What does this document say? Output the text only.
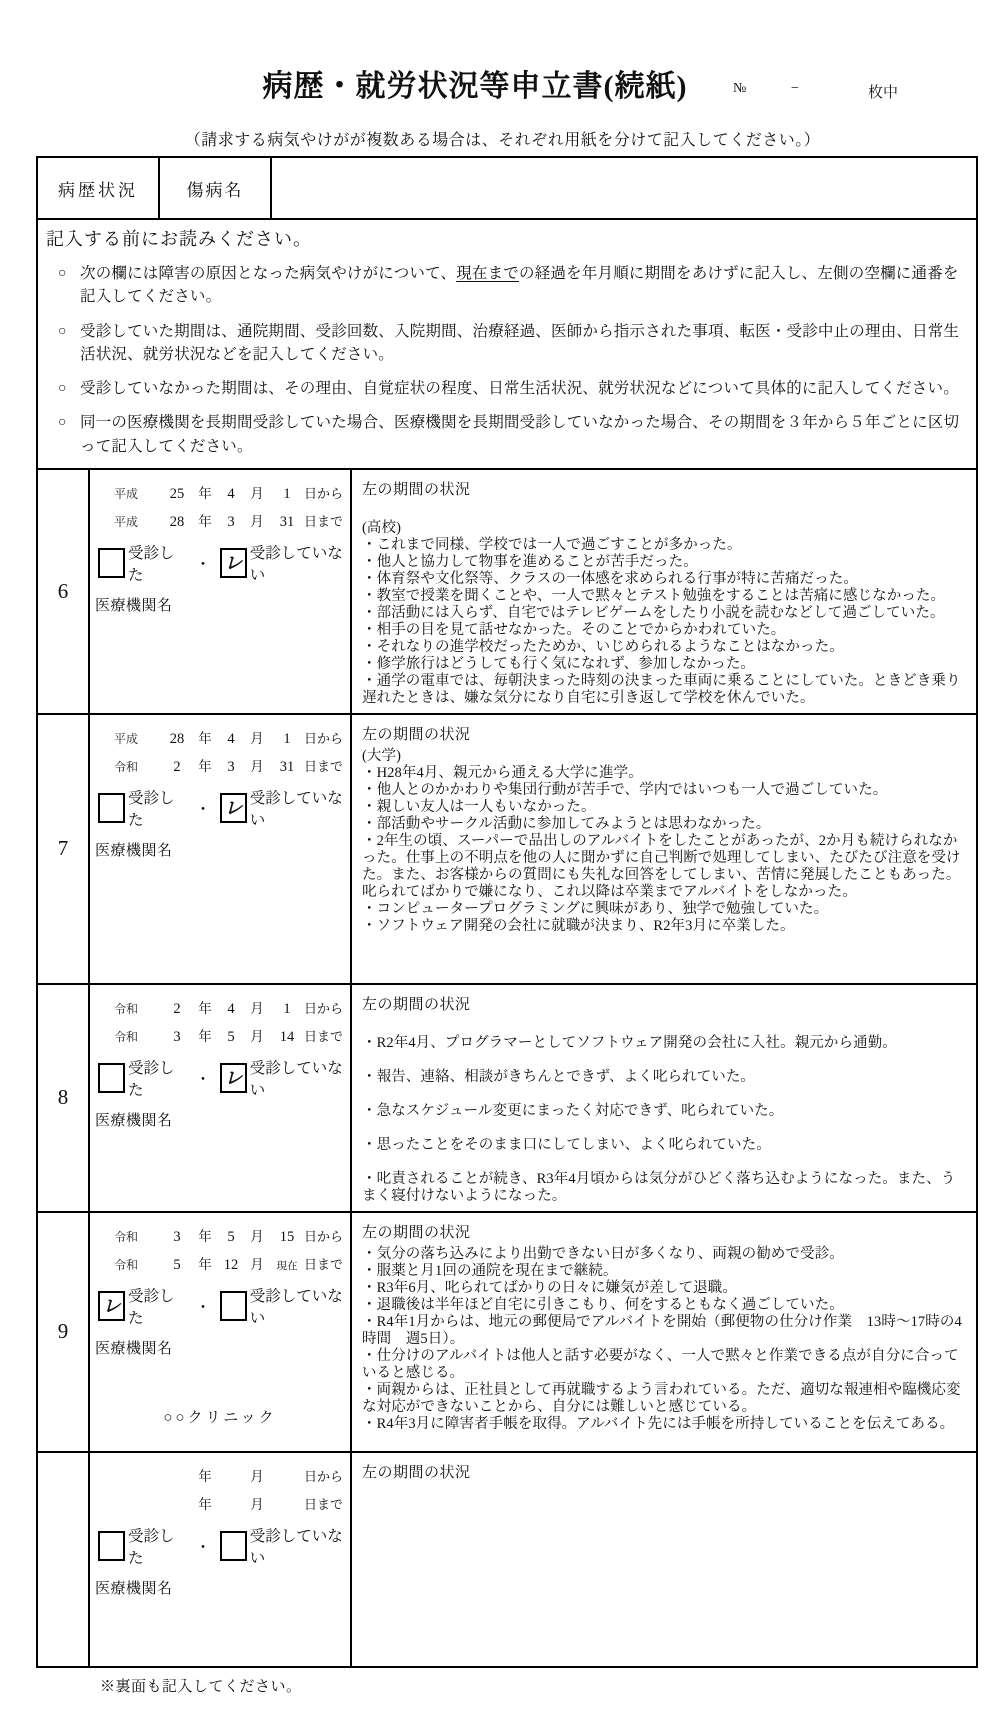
病歴・就労状況等申立書(続紙)	№	−	枚中
（請求する病気やけがが複数ある場合は、それぞれ用紙を分けて記入してください。）
病歴状況	傷病名
記入する前にお読みください。
○ 次の欄には障害の原因となった病気やけがについて、現在までの経過を年月順に期間をあけずに記入し、左側の空欄に通番を記入してください。
○ 受診していた期間は、通院期間、受診回数、入院期間、治療経過、医師から指示された事項、転医・受診中止の理由、日常生活状況、就労状況などを記入してください。
○ 受診していなかった期間は、その理由、自覚症状の程度、日常生活状況、就労状況などについて具体的に記入してください。
○ 同一の医療機関を長期間受診していた場合、医療機関を長期間受診していなかった場合、その期間を３年から５年ごとに区切って記入してください。
6
平成	25	年	4	月	1	日から
平成	28	年	3	月	31 日まで
受診した
・ レ 受診していない
医療機関名
左の期間の状況

(高校)
・これまで同様、学校では一人で過ごすことが多かった。
・他人と協力して物事を進めることが苦手だった。
・体育祭や文化祭等、クラスの一体感を求められる行事が特に苦痛だった。
・教室で授業を聞くことや、一人で黙々とテスト勉強をすることは苦痛に感じなかった。
・部活動には入らず、自宅ではテレビゲームをしたり小説を読むなどして過ごしていた。
・相手の目を見て話せなかった。そのことでからかわれていた。
・それなりの進学校だったためか、いじめられるようなことはなかった。
・修学旅行はどうしても行く気になれず、参加しなかった。
・通学の電車では、毎朝決まった時刻の決まった車両に乗ることにしていた。ときどき乗り遅れたときは、嫌な気分になり自宅に引き返して学校を休んでいた。
7
平成	28	年	4	月	1	日から
令和	2	年	3	月	31 日まで
受診した
・ レ 受診していない
医療機関名
左の期間の状況
(大学)
・H28年4月、親元から通える大学に進学。
・他人とのかかわりや集団行動が苦手で、学内ではいつも一人で過ごしていた。
・親しい友人は一人もいなかった。
・部活動やサークル活動に参加してみようとは思わなかった。
・2年生の頃、スーパーで品出しのアルバイトをしたことがあったが、2か月も続けられなかった。仕事上の不明点を他の人に聞かずに自己判断で処理してしまい、たびたび注意を受けた。また、お客様からの質問にも失礼な回答をしてしまい、苦情に発展したこともあった。叱られてばかりで嫌になり、これ以降は卒業までアルバイトをしなかった。
・コンピュータープログラミングに興味があり、独学で勉強していた。
・ソフトウェア開発の会社に就職が決まり、R2年3月に卒業した。
8
令和	2	年	4	月	1	日から
令和	3	年	5	月	14 日まで
受診した
・ レ 受診していない
医療機関名
左の期間の状況

・R2年4月、プログラマーとしてソフトウェア開発の会社に入社。親元から通勤。

・報告、連絡、相談がきちんとできず、よく叱られていた。

・急なスケジュール変更にまったく対応できず、叱られていた。

・思ったことをそのまま口にしてしまい、よく叱られていた。

・叱責されることが続き、R3年4月頃からは気分がひどく落ち込むようになった。また、うまく寝付けないようになった。
9
令和	3	年	5	月	15 日から
令和	5	年 12 月	現在 日まで
レ 受診した
・
受診していない
医療機関名
○○クリニック
左の期間の状況
・気分の落ち込みにより出勤できない日が多くなり、両親の勧めで受診。
・服薬と月1回の通院を現在まで継続。
・R3年6月、叱られてばかりの日々に嫌気が差して退職。
・退職後は半年ほど自宅に引きこもり、何をするともなく過ごしていた。
・R4年1月からは、地元の郵便局でアルバイトを開始（郵便物の仕分け作業　13時～17時の4時間　週5日）。
・仕分けのアルバイトは他人と話す必要がなく、一人で黙々と作業できる点が自分に合っていると感じる。
・両親からは、正社員として再就職するよう言われている。ただ、適切な報連相や臨機応変な対応ができないことから、自分には難しいと感じている。
・R4年3月に障害者手帳を取得。アルバイト先には手帳を所持していることを伝えてある。
年	月	日から
年	月	日まで
受診した
・
受診していない
医療機関名
左の期間の状況
※裏面も記入してください。
